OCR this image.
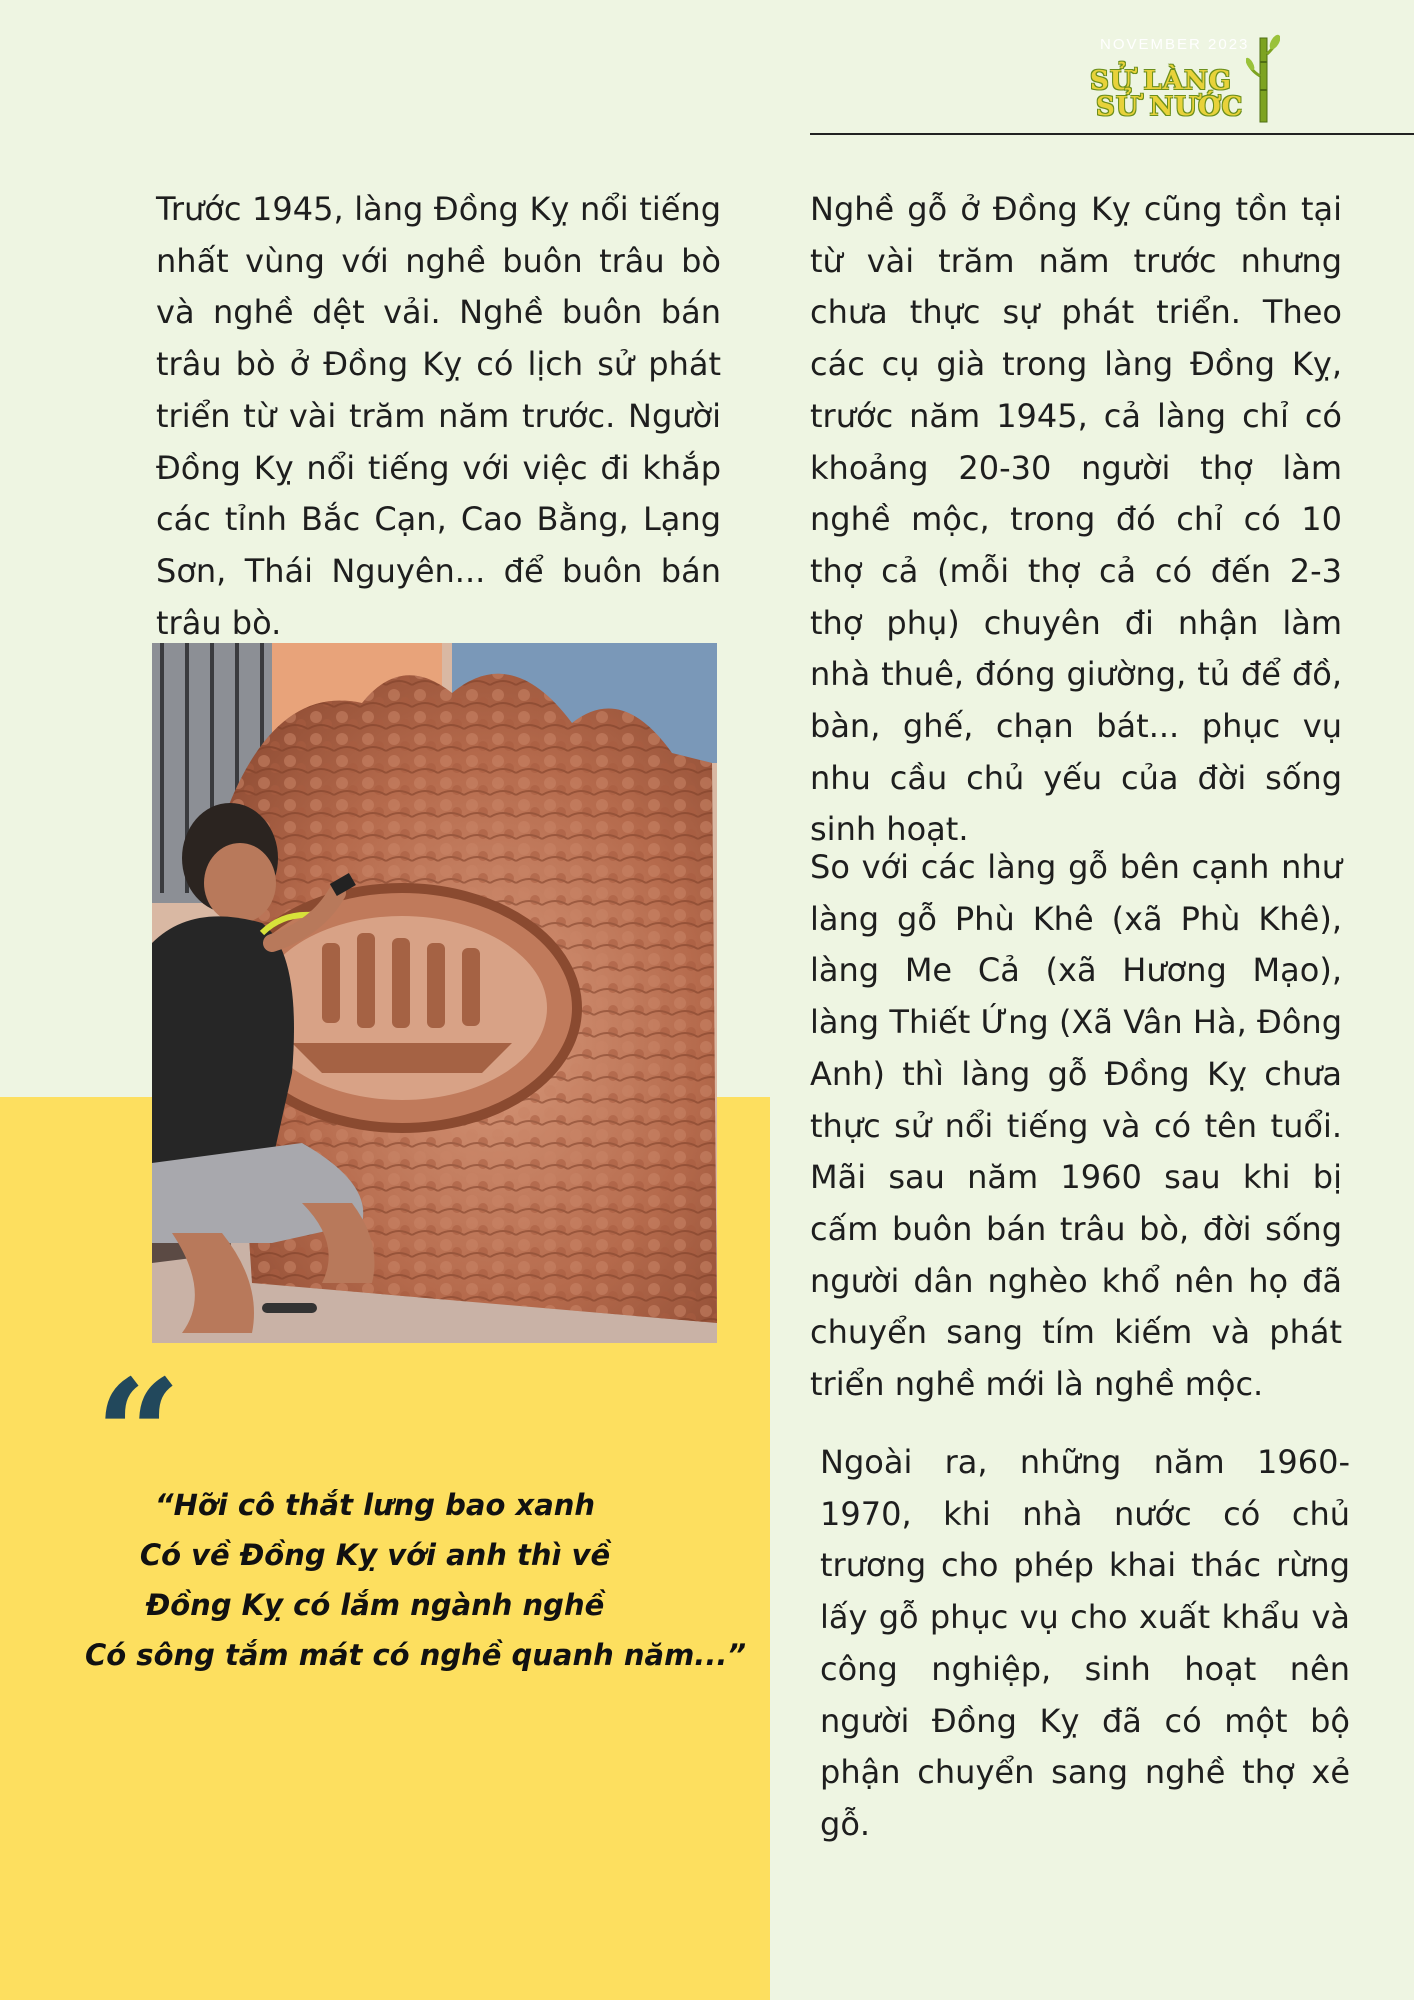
NOVEMBER 2023
SỬ LÀNG
SỬ NƯỚC

Trước 1945, làng Đồng Kỵ nổi tiếng nhất vùng với nghề buôn trâu bò và nghề dệt vải. Nghề buôn bán trâu bò ở Đồng Kỵ có lịch sử phát triển từ vài trăm năm trước. Người Đồng Kỵ nổi tiếng với việc đi khắp các tỉnh Bắc Cạn, Cao Bằng, Lạng Sơn, Thái Nguyên... để buôn bán trâu bò.

“
“Hỡi cô thắt lưng bao xanh
Có về Đồng Kỵ với anh thì về
Đồng Kỵ có lắm ngành nghề
Có sông tắm mát có nghề quanh năm...”

Nghề gỗ ở Đồng Kỵ cũng tồn tại từ vài trăm năm trước nhưng chưa thực sự phát triển. Theo các cụ già trong làng Đồng Kỵ, trước năm 1945, cả làng chỉ có khoảng 20-30 người thợ làm nghề mộc, trong đó chỉ có 10 thợ cả (mỗi thợ cả có đến 2-3 thợ phụ) chuyên đi nhận làm nhà thuê, đóng giường, tủ để đồ, bàn, ghế, chạn bát... phục vụ nhu cầu chủ yếu của đời sống sinh hoạt.

So với các làng gỗ bên cạnh như làng gỗ Phù Khê (xã Phù Khê), làng Me Cả (xã Hương Mạo), làng Thiết Ứng (Xã Vân Hà, Đông Anh) thì làng gỗ Đồng Kỵ chưa thực sử nổi tiếng và có tên tuổi. Mãi sau năm 1960 sau khi bị cấm buôn bán trâu bò, đời sống người dân nghèo khổ nên họ đã chuyển sang tím kiếm và phát triển nghề mới là nghề mộc.

Ngoài ra, những năm 1960-1970, khi nhà nước có chủ trương cho phép khai thác rừng lấy gỗ phục vụ cho xuất khẩu và công nghiệp, sinh hoạt nên người Đồng Kỵ đã có một bộ phận chuyển sang nghề thợ xẻ gỗ.
